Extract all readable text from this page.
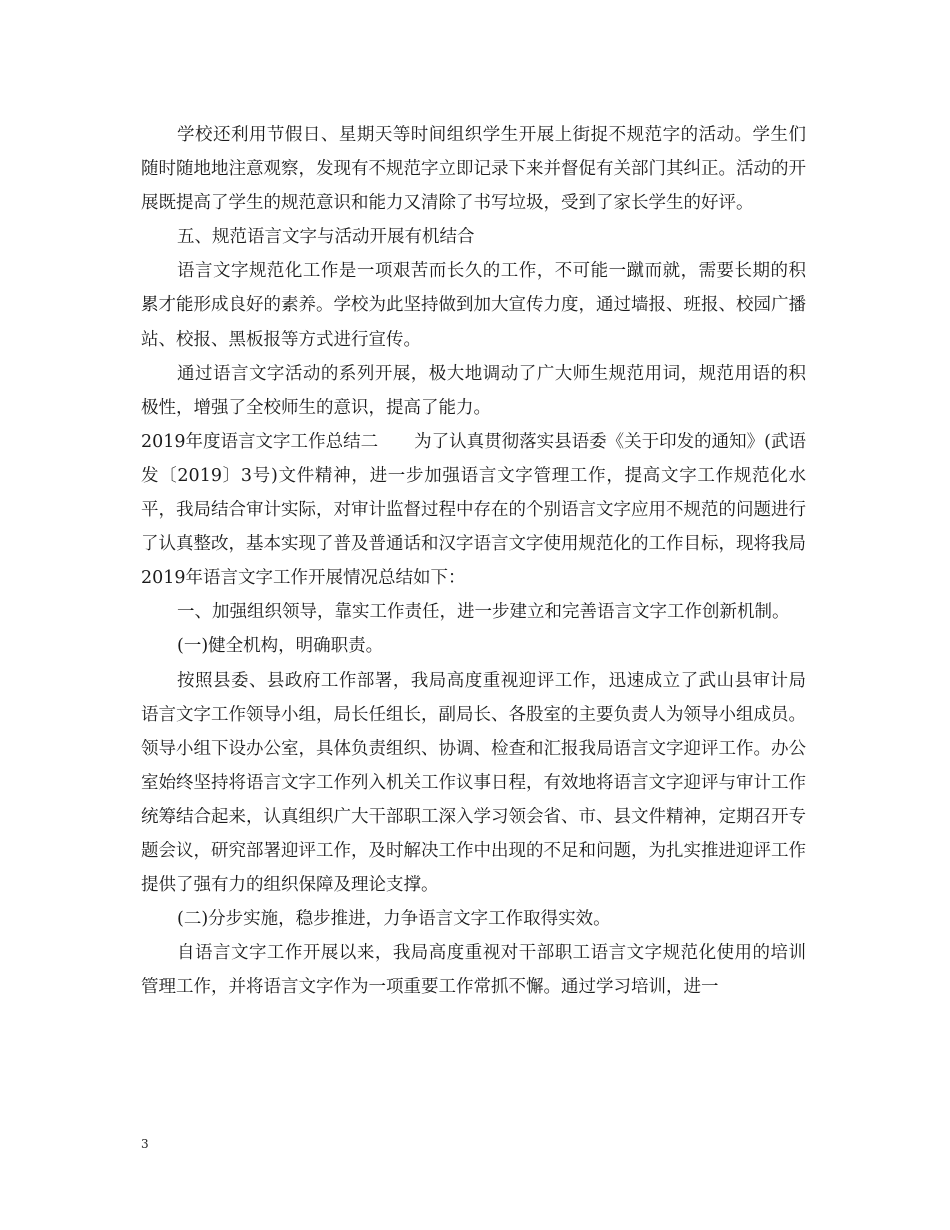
学校还利用节假日、星期天等时间组织学生开展上街捉不规范字的活动。学生们随时随地地注意观察，发现有不规范字立即记录下来并督促有关部门其纠正。活动的开展既提高了学生的规范意识和能力又清除了书写垃圾，受到了家长学生的好评。

五、规范语言文字与活动开展有机结合

语言文字规范化工作是一项艰苦而长久的工作，不可能一蹴而就，需要长期的积累才能形成良好的素养。学校为此坚持做到加大宣传力度，通过墙报、班报、校园广播站、校报、黑板报等方式进行宣传。

通过语言文字活动的系列开展，极大地调动了广大师生规范用词，规范用语的积极性，增强了全校师生的意识，提高了能力。

2019年度语言文字工作总结二 为了认真贯彻落实县语委《关于印发的通知》(武语发〔2019〕3号)文件精神，进一步加强语言文字管理工作，提高文字工作规范化水平，我局结合审计实际，对审计监督过程中存在的个别语言文字应用不规范的问题进行了认真整改，基本实现了普及普通话和汉字语言文字使用规范化的工作目标，现将我局2019年语言文字工作开展情况总结如下：

一、加强组织领导，靠实工作责任，进一步建立和完善语言文字工作创新机制。

(一)健全机构，明确职责。

按照县委、县政府工作部署，我局高度重视迎评工作，迅速成立了武山县审计局语言文字工作领导小组，局长任组长，副局长、各股室的主要负责人为领导小组成员。领导小组下设办公室，具体负责组织、协调、检查和汇报我局语言文字迎评工作。办公室始终坚持将语言文字工作列入机关工作议事日程，有效地将语言文字迎评与审计工作统筹结合起来，认真组织广大干部职工深入学习领会省、市、县文件精神，定期召开专题会议，研究部署迎评工作，及时解决工作中出现的不足和问题，为扎实推进迎评工作提供了强有力的组织保障及理论支撑。

(二)分步实施，稳步推进，力争语言文字工作取得实效。

自语言文字工作开展以来，我局高度重视对干部职工语言文字规范化使用的培训管理工作，并将语言文字作为一项重要工作常抓不懈。通过学习培训，进一

3
